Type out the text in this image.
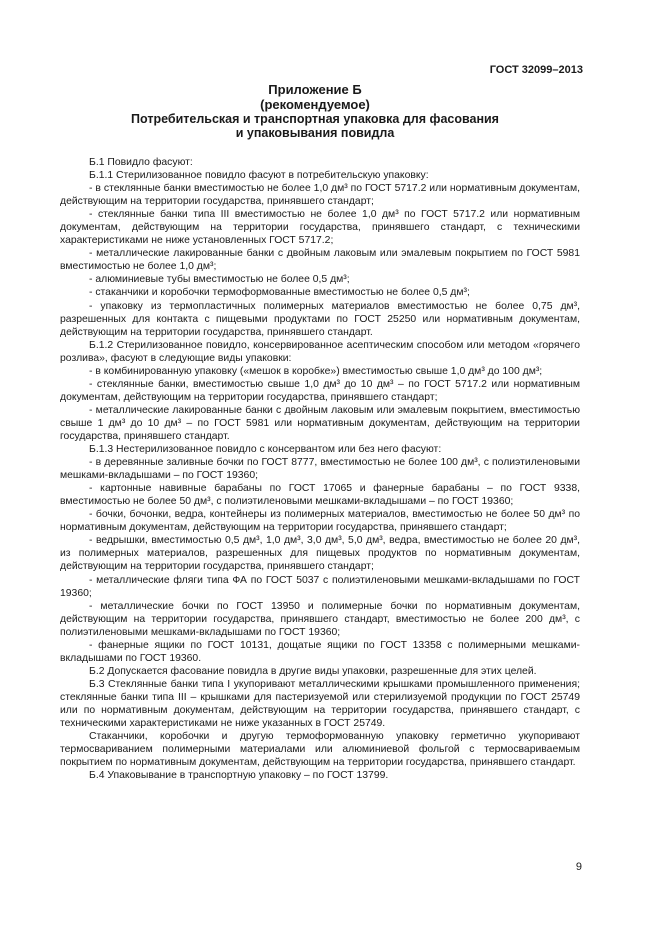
ГОСТ 32099–2013
Приложение Б
(рекомендуемое)
Потребительская и транспортная упаковка для фасования
и упаковывания повидла

Б.1 Повидло фасуют:

Б.1.1 Стерилизованное повидло фасуют в потребительскую упаковку:

- в стеклянные банки вместимостью не более 1,0 дм³ по ГОСТ 5717.2 или нормативным документам, действующим на территории государства, принявшего стандарт;

- стеклянные банки типа III вместимостью не более 1,0 дм³ по ГОСТ 5717.2 или нормативным документам, действующим на территории государства, принявшего стандарт, с техническими характеристиками не ниже установленных ГОСТ 5717.2;

- металлические лакированные банки с двойным лаковым или эмалевым покрытием по ГОСТ 5981 вместимостью не более 1,0 дм³;

- алюминиевые тубы вместимостью не более 0,5 дм³;

- стаканчики и коробочки термоформованные вместимостью не более 0,5 дм³;

- упаковку из термопластичных полимерных материалов вместимостью не более 0,75 дм³, разрешенных для контакта с пищевыми продуктами по ГОСТ 25250 или нормативным документам, действующим на территории государства, принявшего стандарт.

Б.1.2 Стерилизованное повидло, консервированное асептическим способом или методом «горячего розлива», фасуют в следующие виды упаковки:

- в комбинированную упаковку («мешок в коробке») вместимостью свыше 1,0 дм³ до 100 дм³;

- стеклянные банки, вместимостью свыше 1,0 дм³ до 10 дм³ – по ГОСТ 5717.2 или нормативным документам, действующим на территории государства, принявшего стандарт;

- металлические лакированные банки с двойным лаковым или эмалевым покрытием, вместимостью свыше 1 дм³ до 10 дм³ – по ГОСТ 5981 или нормативным документам, действующим на территории государства, принявшего стандарт.

Б.1.3 Нестерилизованное повидло с консервантом или без него фасуют:

- в деревянные заливные бочки по ГОСТ 8777, вместимостью не более 100 дм³, с полиэтиленовыми мешками-вкладышами – по ГОСТ 19360;

- картонные навивные барабаны по ГОСТ 17065 и фанерные барабаны – по ГОСТ 9338, вместимостью не более 50 дм³, с полиэтиленовыми мешками-вкладышами – по ГОСТ 19360;

- бочки, бочонки, ведра, контейнеры из полимерных материалов, вместимостью не более 50 дм³ по нормативным документам, действующим на территории государства, принявшего стандарт;

- ведрышки, вместимостью 0,5 дм³, 1,0 дм³, 3,0 дм³, 5,0 дм³, ведра, вместимостью не более 20 дм³, из полимерных материалов, разрешенных для пищевых продуктов по нормативным документам, действующим на территории государства, принявшего стандарт;

- металлические фляги типа ФА по ГОСТ 5037 с полиэтиленовыми мешками-вкладышами по ГОСТ 19360;

- металлические бочки по ГОСТ 13950 и полимерные бочки по нормативным документам, действующим на территории государства, принявшего стандарт, вместимостью не более 200 дм³, с полиэтиленовыми мешками-вкладышами по ГОСТ 19360;

- фанерные ящики по ГОСТ 10131, дощатые ящики по ГОСТ 13358 с полимерными мешками-вкладышами по ГОСТ 19360.

Б.2 Допускается фасование повидла в другие виды упаковки, разрешенные для этих целей.

Б.3 Стеклянные банки типа I укупоривают металлическими крышками промышленного применения; стеклянные банки типа III – крышками для пастеризуемой или стерилизуемой продукции по ГОСТ 25749 или по нормативным документам, действующим на территории государства, принявшего стандарт, с техническими характеристиками не ниже указанных в ГОСТ 25749.

Стаканчики, коробочки и другую термоформованную упаковку герметично укупоривают термосвариванием полимерными материалами или алюминиевой фольгой с термосвариваемым покрытием по нормативным документам, действующим на территории государства, принявшего стандарт.

Б.4 Упаковывание в транспортную упаковку – по ГОСТ 13799.

9
